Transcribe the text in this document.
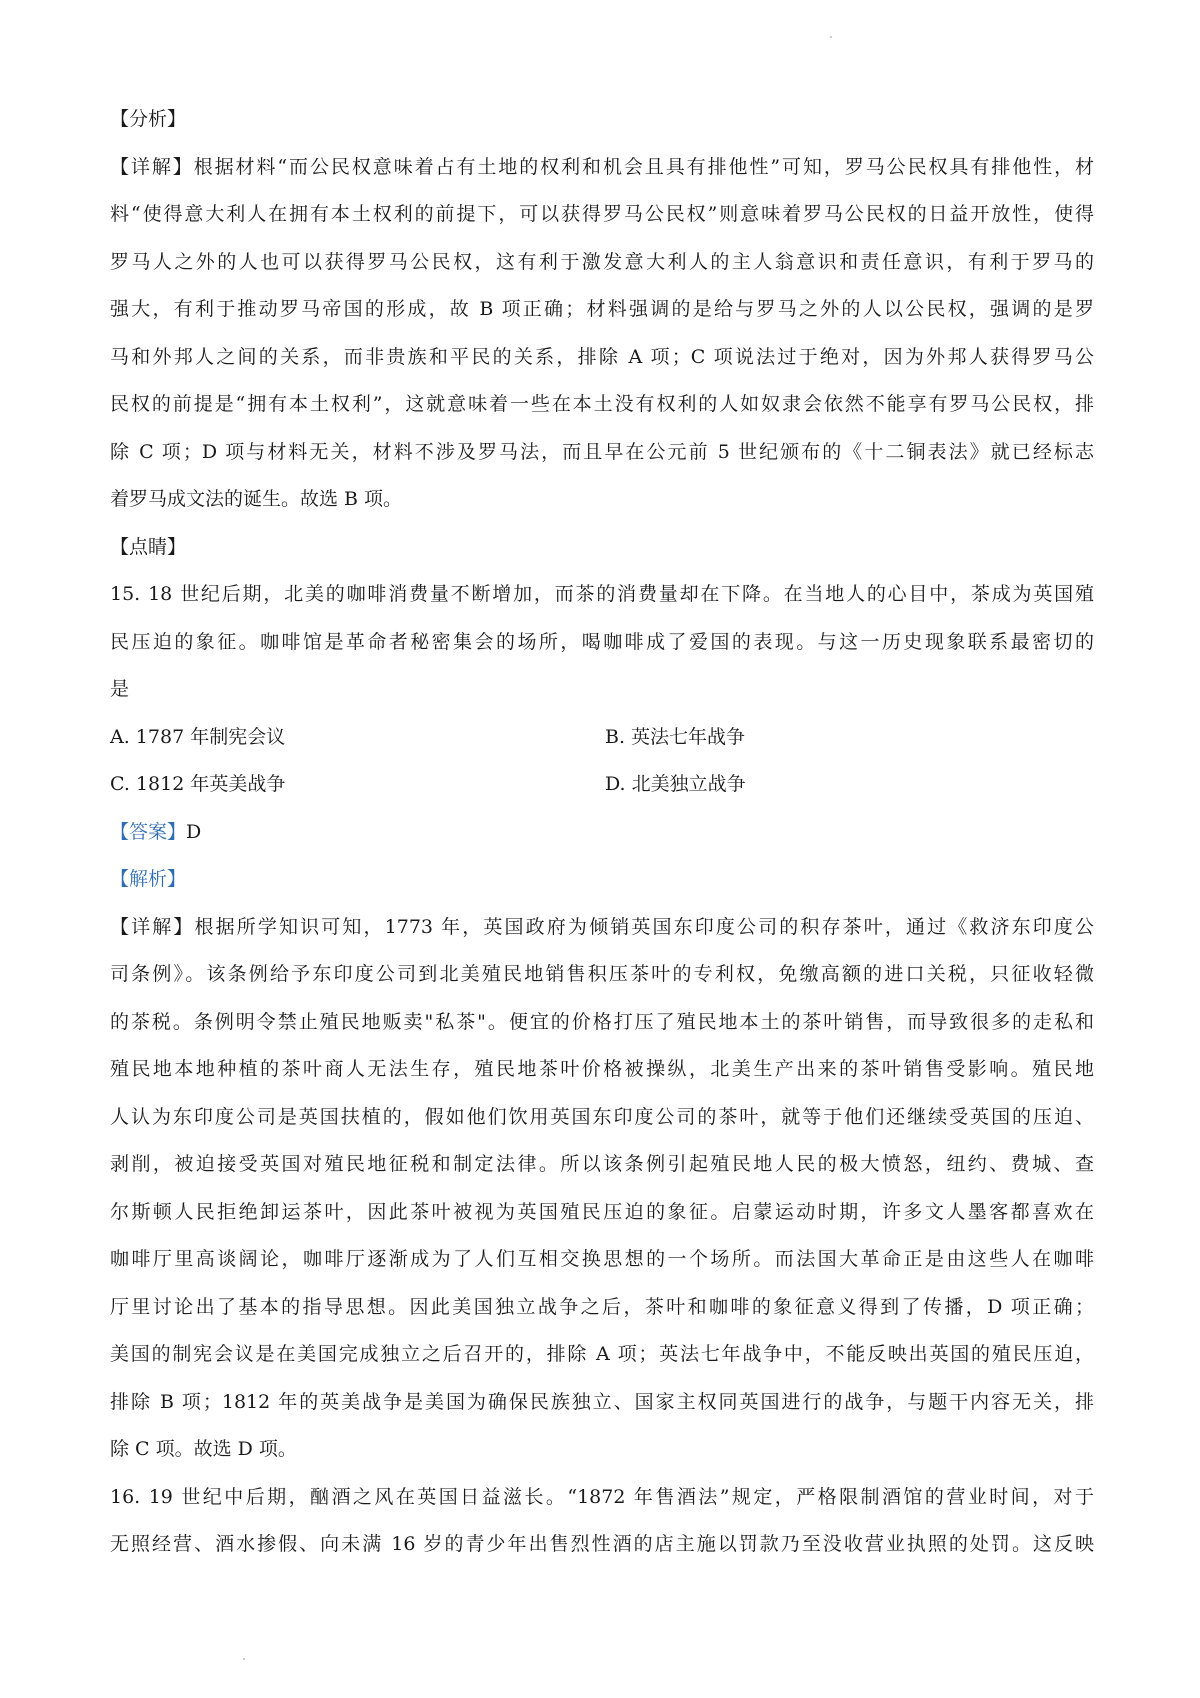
【分析】
【详解】根据材料“而公民权意味着占有土地的权利和机会且具有排他性”可知，罗马公民权具有排他性，材
料“使得意大利人在拥有本土权利的前提下，可以获得罗马公民权”则意味着罗马公民权的日益开放性，使得
罗马人之外的人也可以获得罗马公民权，这有利于激发意大利人的主人翁意识和责任意识，有利于罗马的
强大，有利于推动罗马帝国的形成，故 B 项正确；材料强调的是给与罗马之外的人以公民权，强调的是罗
马和外邦人之间的关系，而非贵族和平民的关系，排除 A 项；C 项说法过于绝对，因为外邦人获得罗马公
民权的前提是“拥有本土权利”，这就意味着一些在本土没有权利的人如奴隶会依然不能享有罗马公民权，排
除 C 项；D 项与材料无关，材料不涉及罗马法，而且早在公元前 5 世纪颁布的《十二铜表法》就已经标志
着罗马成文法的诞生。故选 B 项。
【点睛】
15. 18 世纪后期，北美的咖啡消费量不断增加，而茶的消费量却在下降。在当地人的心目中，茶成为英国殖
民压迫的象征。咖啡馆是革命者秘密集会的场所，喝咖啡成了爱国的表现。与这一历史现象联系最密切的
是
A. 1787 年制宪会议	B. 英法七年战争
C. 1812 年英美战争	D. 北美独立战争
【答案】D
【解析】
【详解】根据所学知识可知，1773 年，英国政府为倾销英国东印度公司的积存茶叶，通过《救济东印度公
司条例》。该条例给予东印度公司到北美殖民地销售积压茶叶的专利权，免缴高额的进口关税，只征收轻微
的茶税。条例明令禁止殖民地贩卖"私茶"。便宜的价格打压了殖民地本土的茶叶销售，而导致很多的走私和
殖民地本地种植的茶叶商人无法生存，殖民地茶叶价格被操纵，北美生产出来的茶叶销售受影响。殖民地
人认为东印度公司是英国扶植的，假如他们饮用英国东印度公司的茶叶，就等于他们还继续受英国的压迫、
剥削，被迫接受英国对殖民地征税和制定法律。所以该条例引起殖民地人民的极大愤怒，纽约、费城、查
尔斯顿人民拒绝卸运茶叶，因此茶叶被视为英国殖民压迫的象征。启蒙运动时期，许多文人墨客都喜欢在
咖啡厅里高谈阔论，咖啡厅逐渐成为了人们互相交换思想的一个场所。而法国大革命正是由这些人在咖啡
厅里讨论出了基本的指导思想。因此美国独立战争之后，茶叶和咖啡的象征意义得到了传播，D 项正确；
美国的制宪会议是在美国完成独立之后召开的，排除 A 项；英法七年战争中，不能反映出英国的殖民压迫，
排除 B 项；1812 年的英美战争是美国为确保民族独立、国家主权同英国进行的战争，与题干内容无关，排
除 C 项。故选 D 项。
16. 19 世纪中后期，酗酒之风在英国日益滋长。“1872 年售酒法”规定，严格限制酒馆的营业时间，对于
无照经营、酒水掺假、向未满 16 岁的青少年出售烈性酒的店主施以罚款乃至没收营业执照的处罚。这反映
